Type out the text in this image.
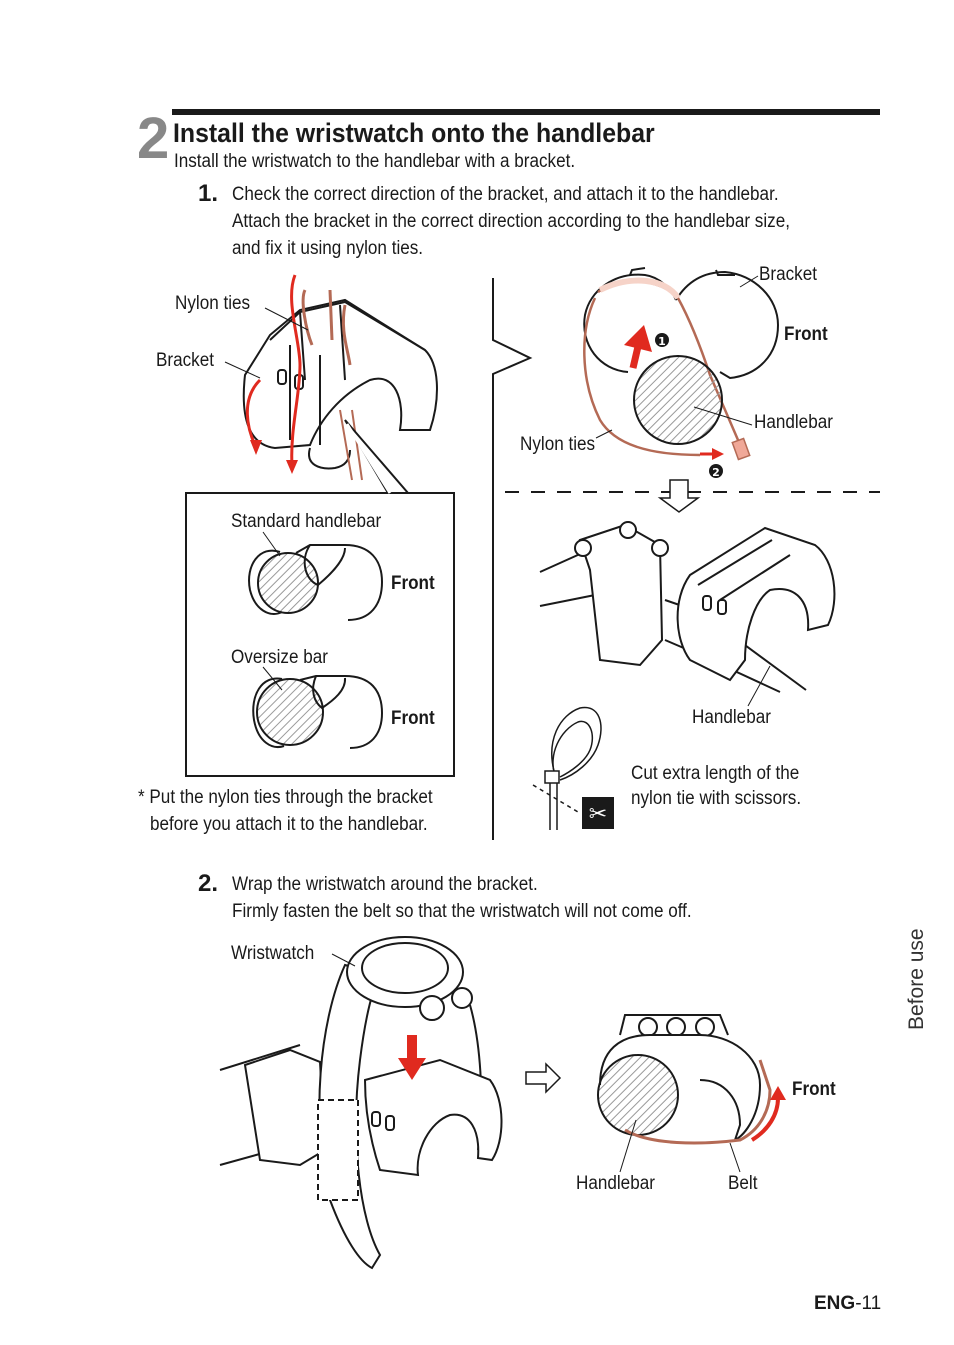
2 Install the wristwatch onto the handlebar
Install the wristwatch to the handlebar with a bracket.
1. Check the correct direction of the bracket, and attach it to the handlebar.
Attach the bracket in the correct direction according to the handlebar size,
and fix it using nylon ties.
1
2
✂
Nylon ties
Bracket
Standard handlebar
Front
Oversize bar
Front
* Put the nylon ties through the bracket
before you attach it to the handlebar.
Bracket
Front
Handlebar
Nylon ties
Handlebar
Cut extra length of the
nylon tie with scissors.
2. Wrap the wristwatch around the bracket.
Firmly fasten the belt so that the wristwatch will not come off.
Wristwatch
Front
Handlebar	Belt
Before use
ENG-11
